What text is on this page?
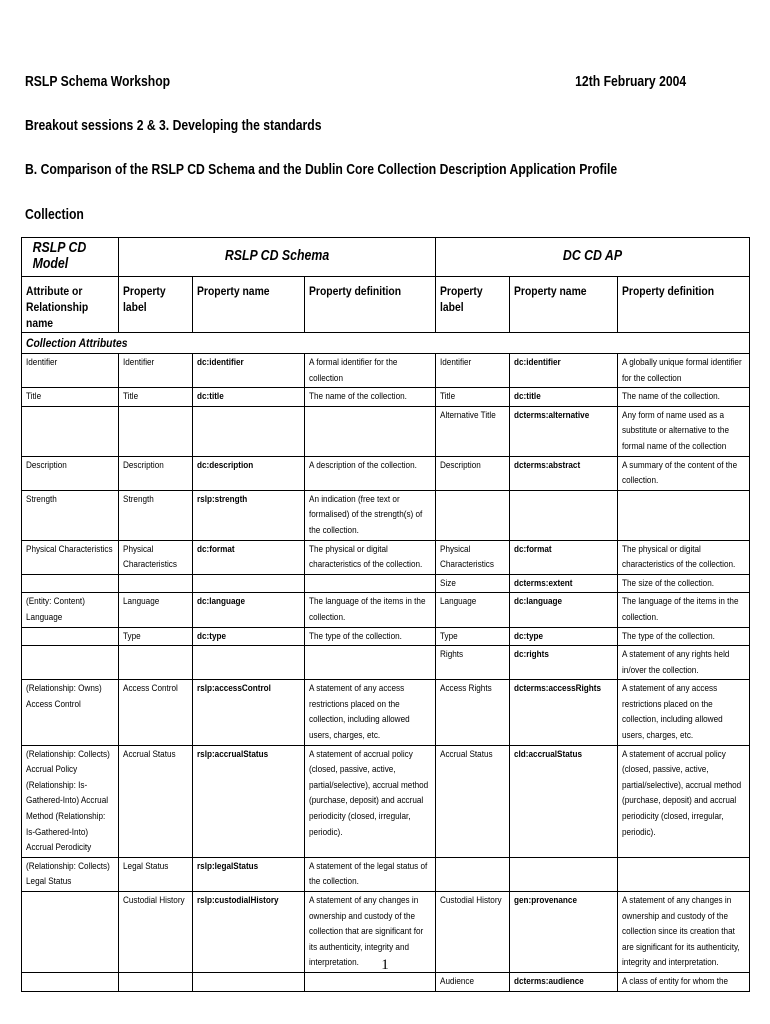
RSLP Schema Workshop	12th February 2004
Breakout sessions 2 & 3. Developing the standards
B. Comparison of the RSLP CD Schema and the Dublin Core Collection Description Application Profile
Collection
RSLP CD Model	RSLP CD Schema			DC CD AP		

Attribute or Relationship name	Property label	Property name	Property definition	Property label	Property name	Property definition

Collection Attributes						

Identifier	Identifier	dc:identifier	A formal identifier for the collection	Identifier	dc:identifier	A globally unique formal identifier for the collection

Title	Title	dc:title	The name of the collection.	Title	dc:title	The name of the collection.

				Alternative Title	dcterms:alternative	Any form of name used as a substitute or alternative to the formal name of the collection

Description	Description	dc:description	A description of the collection.	Description	dcterms:abstract	A summary of the content of the collection.

Strength	Strength	rslp:strength	An indication (free text or formalised) of the strength(s) of the collection.			

Physical Characteristics	Physical Characteristics	dc:format	The physical or digital characteristics of the collection.	Physical Characteristics	dc:format	The physical or digital characteristics of the collection.

				Size	dcterms:extent	The size of the collection.

(Entity: Content) Language	Language	dc:language	The language of the items in the collection.	Language	dc:language	The language of the items in the collection.

	Type	dc:type	The type of the collection.	Type	dc:type	The type of the collection.

				Rights	dc:rights	A statement of any rights held in/over the collection.

(Relationship: Owns) Access Control	Access Control	rslp:accessControl	A statement of any access restrictions placed on the collection, including allowed users, charges, etc.	Access Rights	dcterms:accessRights	A statement of any access restrictions placed on the collection, including allowed users, charges, etc.

(Relationship: Collects) Accrual Policy (Relationship: Is-Gathered-Into) Accrual Method (Relationship: Is-Gathered-Into) Accrual Perodicity	Accrual Status	rslp:accrualStatus	A statement of accrual policy (closed, passive, active, partial/selective), accrual method (purchase, deposit) and accrual periodicity (closed, irregular, periodic).	Accrual Status	cld:accrualStatus	A statement of accrual policy (closed, passive, active, partial/selective), accrual method (purchase, deposit) and accrual periodicity (closed, irregular, periodic).

(Relationship: Collects) Legal Status	Legal Status	rslp:legalStatus	A statement of the legal status of the collection.			

	Custodial History	rslp:custodialHistory	A statement of any changes in ownership and custody of the collection that are significant for its authenticity, integrity and interpretation.	Custodial History	gen:provenance	A statement of any changes in ownership and custody of the collection since its creation that are significant for its authenticity, integrity and interpretation.

				Audience	dcterms:audience	A class of entity for whom the
1
